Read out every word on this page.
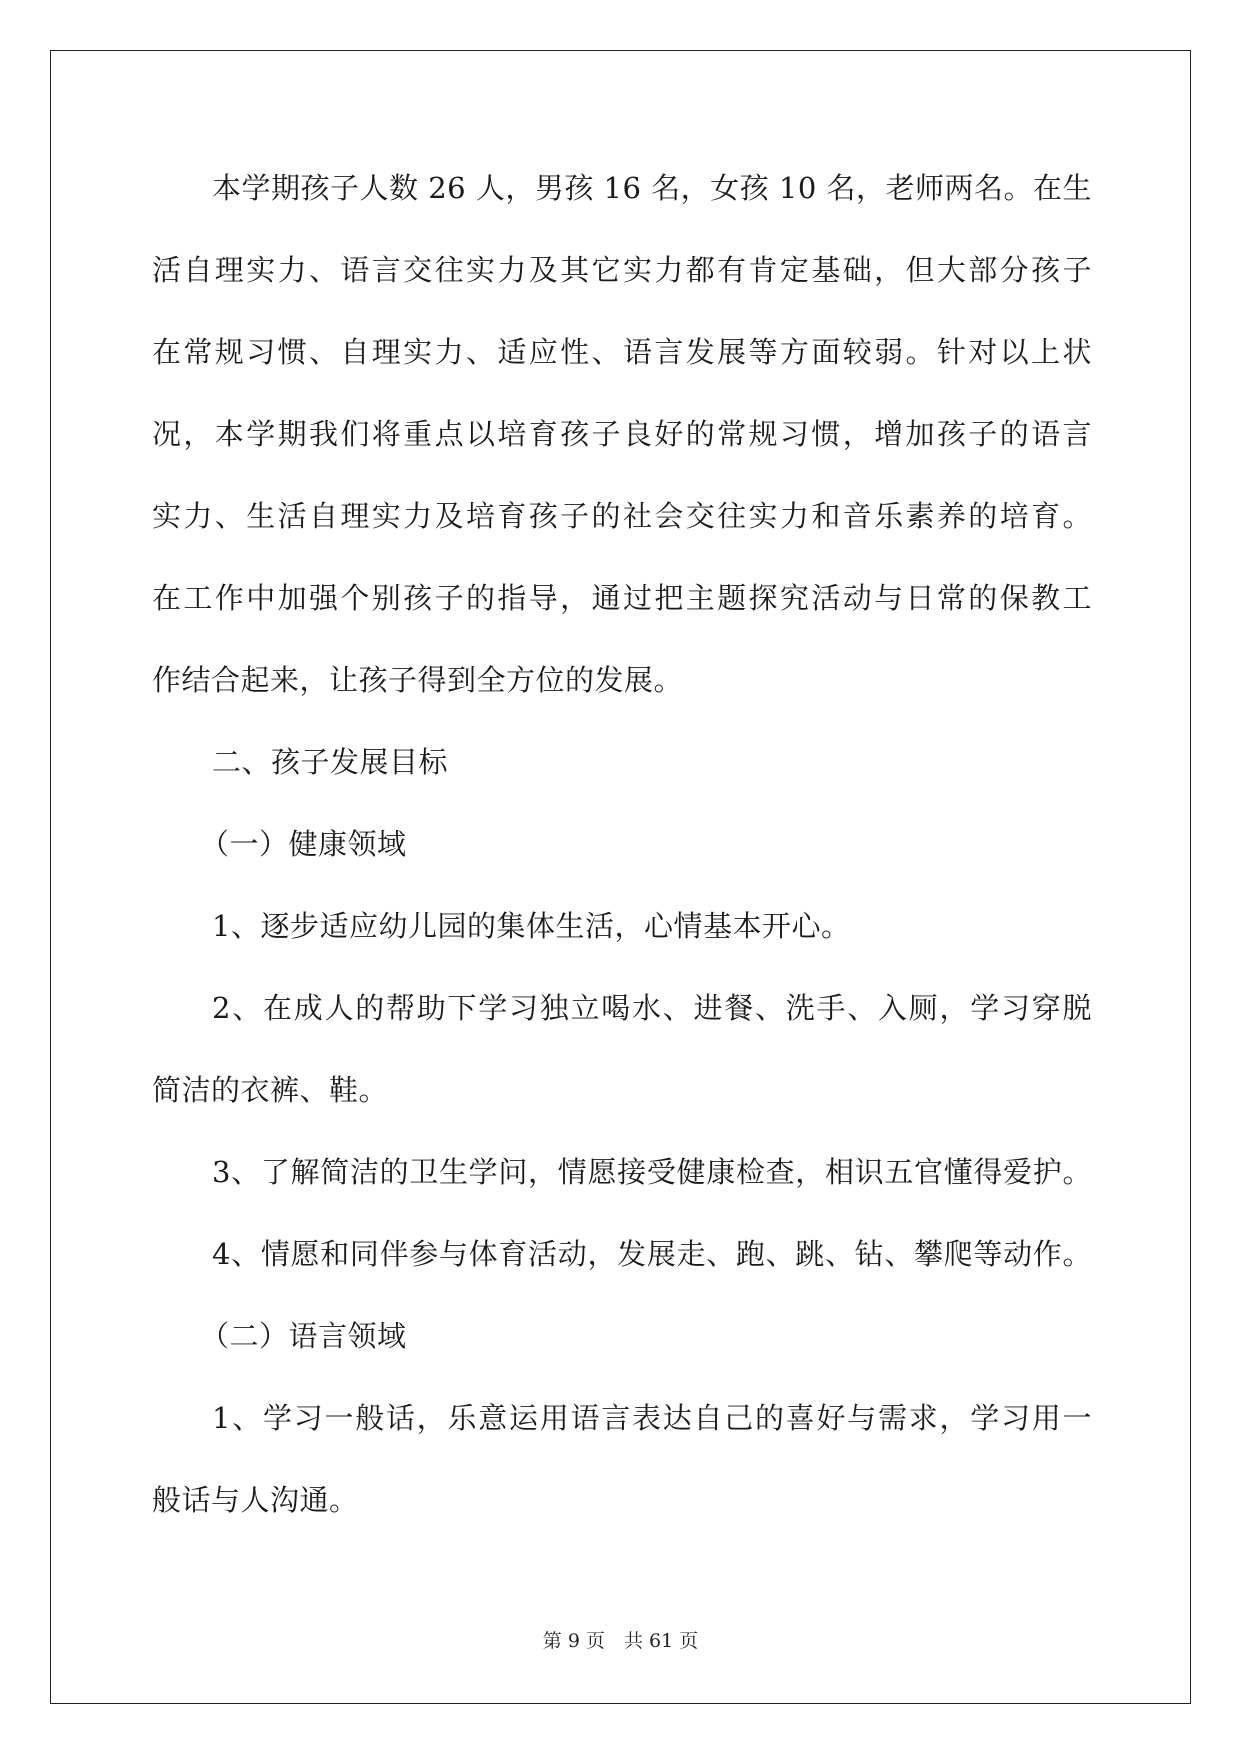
本学期孩子人数 26 人，男孩 16 名，女孩 10 名，老师两名。在生
活自理实力、语言交往实力及其它实力都有肯定基础，但大部分孩子
在常规习惯、自理实力、适应性、语言发展等方面较弱。针对以上状
况，本学期我们将重点以培育孩子良好的常规习惯，增加孩子的语言
实力、生活自理实力及培育孩子的社会交往实力和音乐素养的培育。
在工作中加强个别孩子的指导，通过把主题探究活动与日常的保教工
作结合起来，让孩子得到全方位的发展。
二、孩子发展目标
（一）健康领域
1、逐步适应幼儿园的集体生活，心情基本开心。
2、在成人的帮助下学习独立喝水、进餐、洗手、入厕，学习穿脱
简洁的衣裤、鞋。
3、了解简洁的卫生学问，情愿接受健康检查，相识五官懂得爱护。
4、情愿和同伴参与体育活动，发展走、跑、跳、钻、攀爬等动作。
（二）语言领域
1、学习一般话，乐意运用语言表达自己的喜好与需求，学习用一
般话与人沟通。
第 9 页　共 61 页
